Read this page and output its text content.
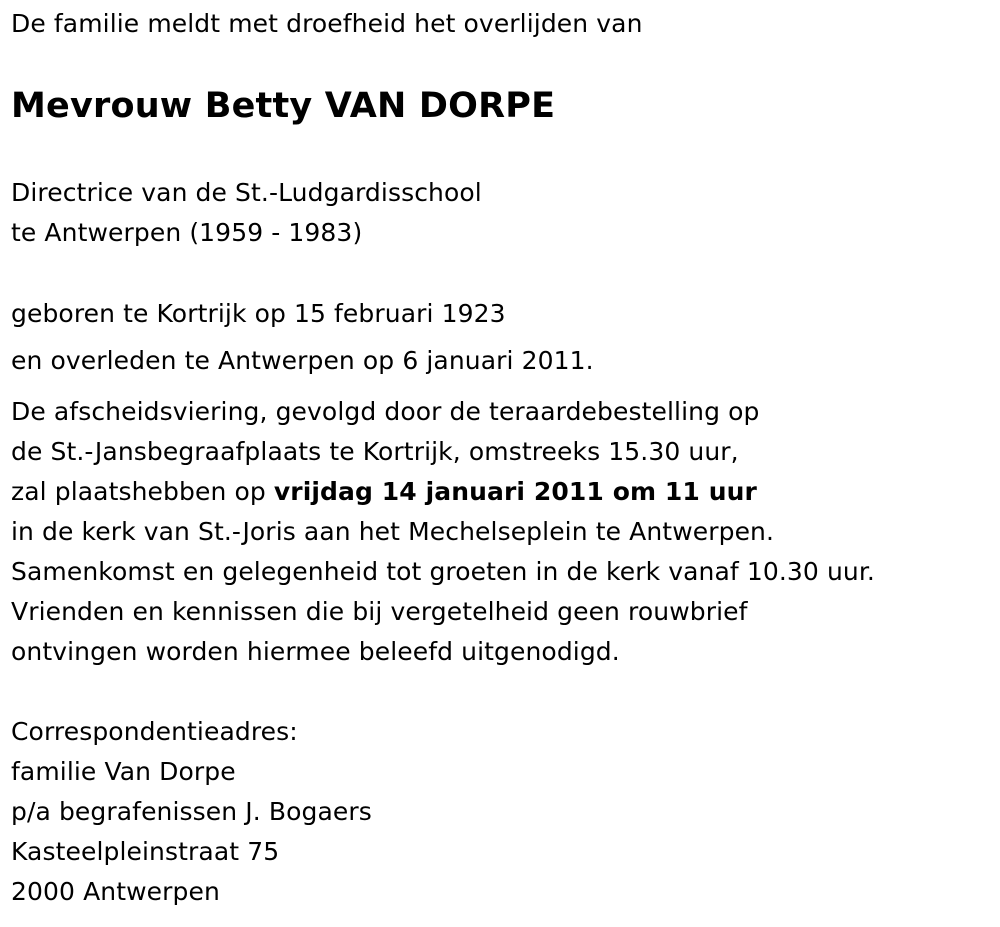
De familie meldt met droefheid het overlijden van
Mevrouw Betty VAN DORPE
Directrice van de St.-Ludgardisschool
te Antwerpen (1959 - 1983)
geboren te Kortrijk op 15 februari 1923
en overleden te Antwerpen op 6 januari 2011.
De afscheidsviering, gevolgd door de teraardebestelling op
de St.-Jansbegraafplaats te Kortrijk, omstreeks 15.30 uur,
zal plaatshebben op vrijdag 14 januari 2011 om 11 uur
in de kerk van St.-Joris aan het Mechelseplein te Antwerpen.
Samenkomst en gelegenheid tot groeten in de kerk vanaf 10.30 uur.
Vrienden en kennissen die bij vergetelheid geen rouwbrief
ontvingen worden hiermee beleefd uitgenodigd.
Correspondentieadres:
familie Van Dorpe
p/a begrafenissen J. Bogaers
Kasteelpleinstraat 75
2000 Antwerpen
